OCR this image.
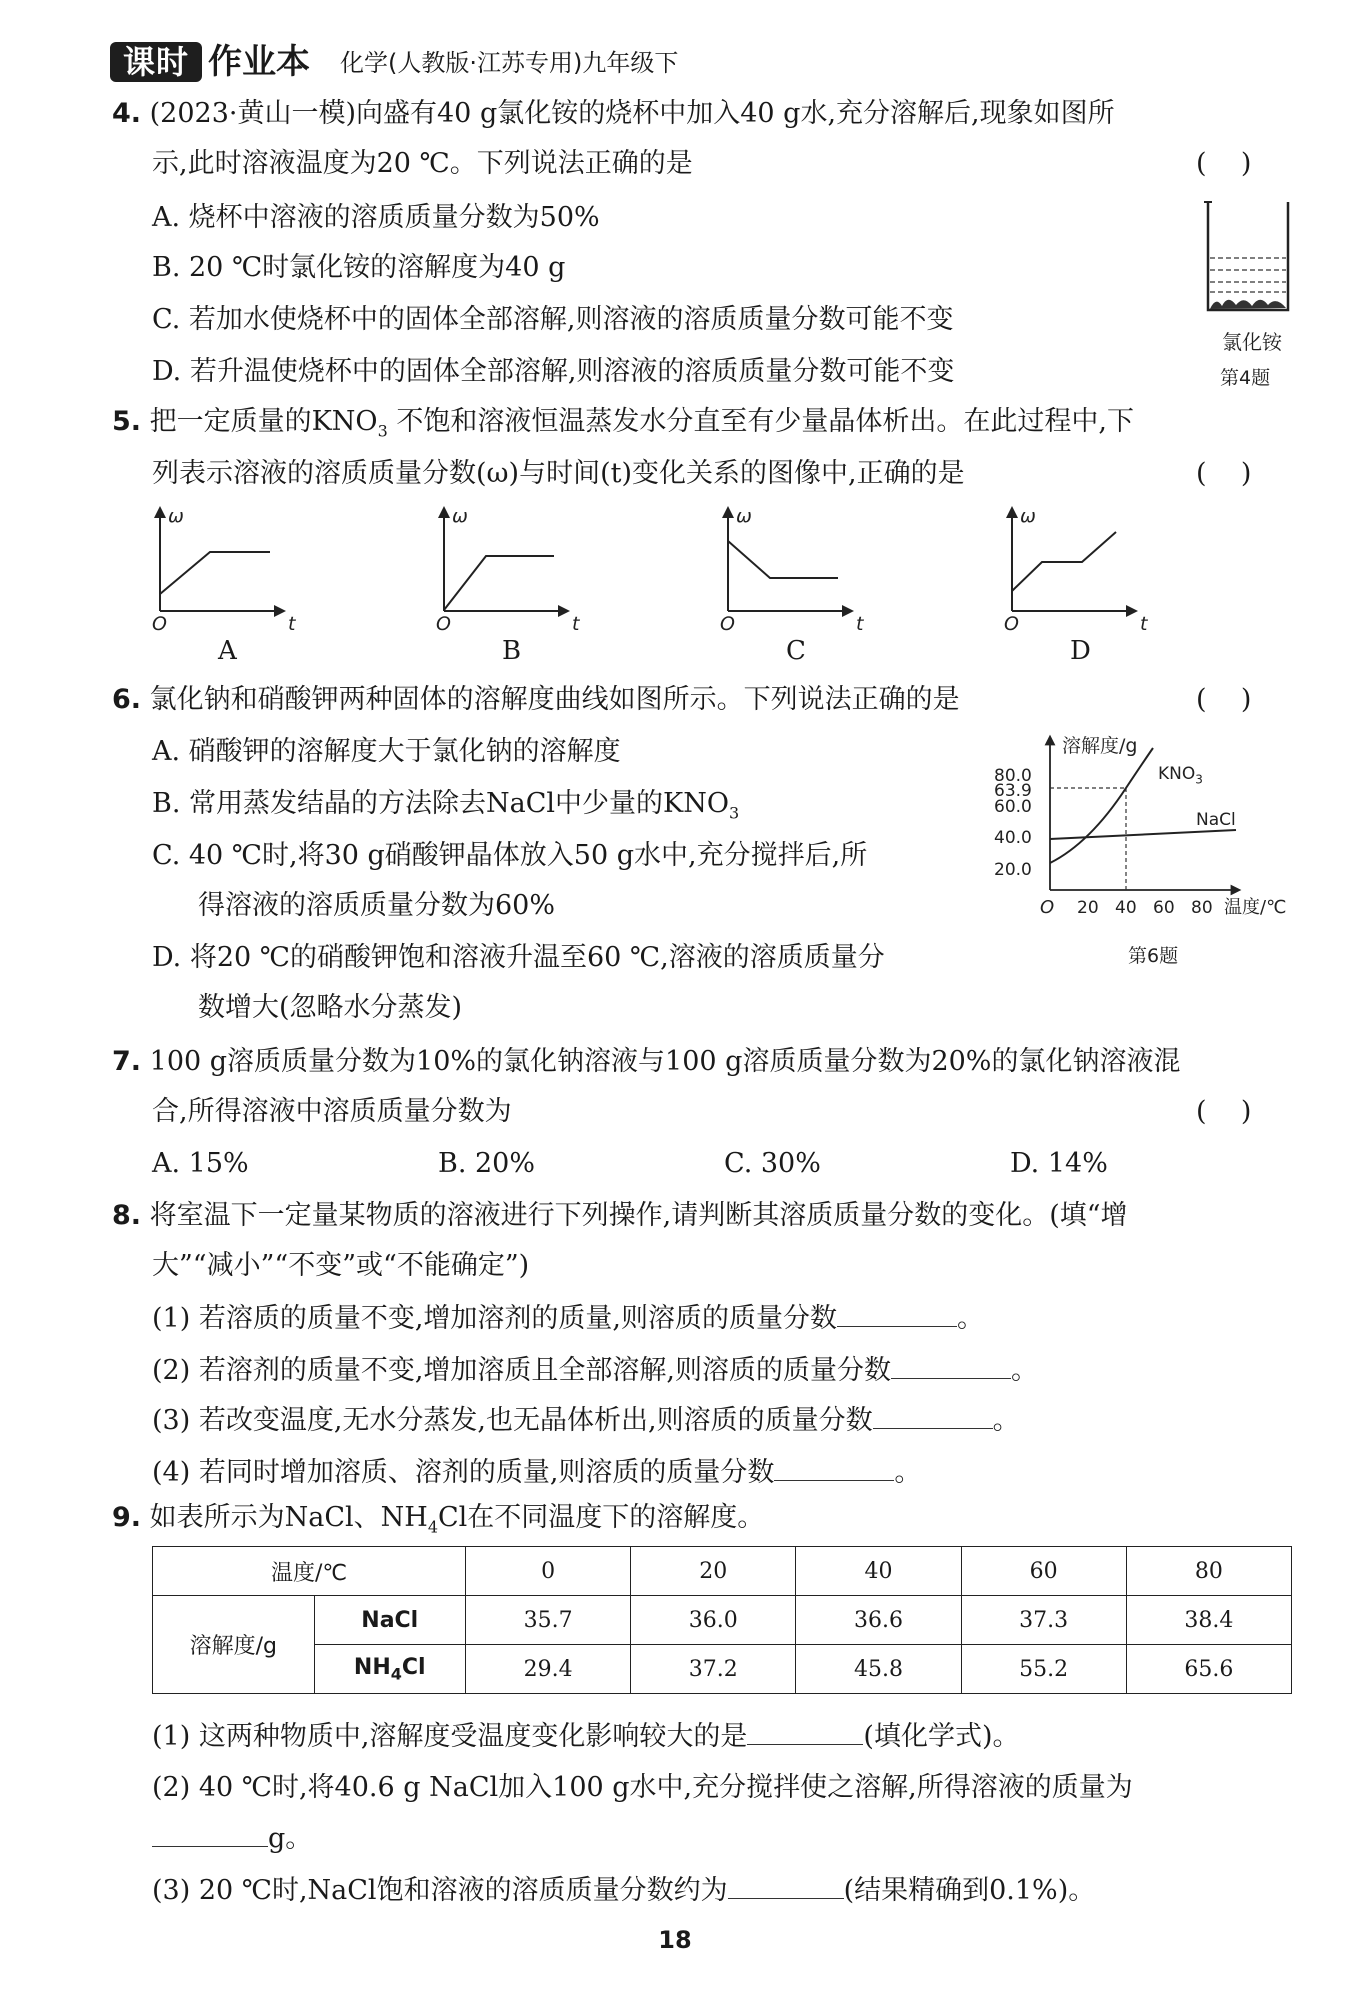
课时 作业本 化学(人教版·江苏专用)九年级下
4. (2023·黄山一模)向盛有40 g氯化铵的烧杯中加入40 g水,充分溶解后,现象如图所
示,此时溶液温度为20 ℃。下列说法正确的是	(    )
A. 烧杯中溶液的溶质质量分数为50%
B. 20 ℃时氯化铵的溶解度为40 g
C. 若加水使烧杯中的固体全部溶解,则溶液的溶质质量分数可能不变
D. 若升温使烧杯中的固体全部溶解,则溶液的溶质质量分数可能不变
氯化铵
第4题
5. 把一定质量的$KNO_3$ 不饱和溶液恒温蒸发水分直至有少量晶体析出。在此过程中,下
列表示溶液的溶质质量分数(ω)与时间(t)变化关系的图像中,正确的是	(    )
ω	ω	ω	ω
O	O	O	O
t	t	t	t
A	B	C	D
6. 氯化钠和硝酸钾两种固体的溶解度曲线如图所示。下列说法正确的是	(    )
A. 硝酸钾的溶解度大于氯化钠的溶解度
B. 常用蒸发结晶的方法除去NaCl中少量的$KNO_3$
C. 40 ℃时,将30 g硝酸钾晶体放入50 g水中,充分搅拌后,所
得溶液的溶质质量分数为60%
D. 将20 ℃的硝酸钾饱和溶液升温至60 ℃,溶液的溶质质量分
数增大(忽略水分蒸发)
溶解度/g
80.0
63.9
60.0
40.0
20.0
O 20 40 60 80 温度/℃
$KNO_3$
NaCl
第6题
7. 100 g溶质质量分数为10%的氯化钠溶液与100 g溶质质量分数为20%的氯化钠溶液混
合,所得溶液中溶质质量分数为	(    )
A. 15%	B. 20%	C. 30%	D. 14%
8. 将室温下一定量某物质的溶液进行下列操作,请判断其溶质质量分数的变化。(填“增
大”“减小”“不变”或“不能确定”)
(1) 若溶质的质量不变,增加溶剂的质量,则溶质的质量分数	。
(2) 若溶剂的质量不变,增加溶质且全部溶解,则溶质的质量分数	。
(3) 若改变温度,无水分蒸发,也无晶体析出,则溶质的质量分数	。
(4) 若同时增加溶质、溶剂的质量,则溶质的质量分数	。
9. 如表所示为NaCl、$NH_4Cl$在不同温度下的溶解度。
温度/℃		0	20	40	60	80
溶解度/g	NaCl	35.7	36.0	36.6	37.3	38.4
	$NH_4Cl$	29.4	37.2	45.8	55.2	65.6
(1) 这两种物质中,溶解度受温度变化影响较大的是	(填化学式)。
(2) 40 ℃时,将40.6 g NaCl加入100 g水中,充分搅拌使之溶解,所得溶液的质量为
g。
(3) 20 ℃时,NaCl饱和溶液的溶质质量分数约为	(结果精确到0.1%)。
18
